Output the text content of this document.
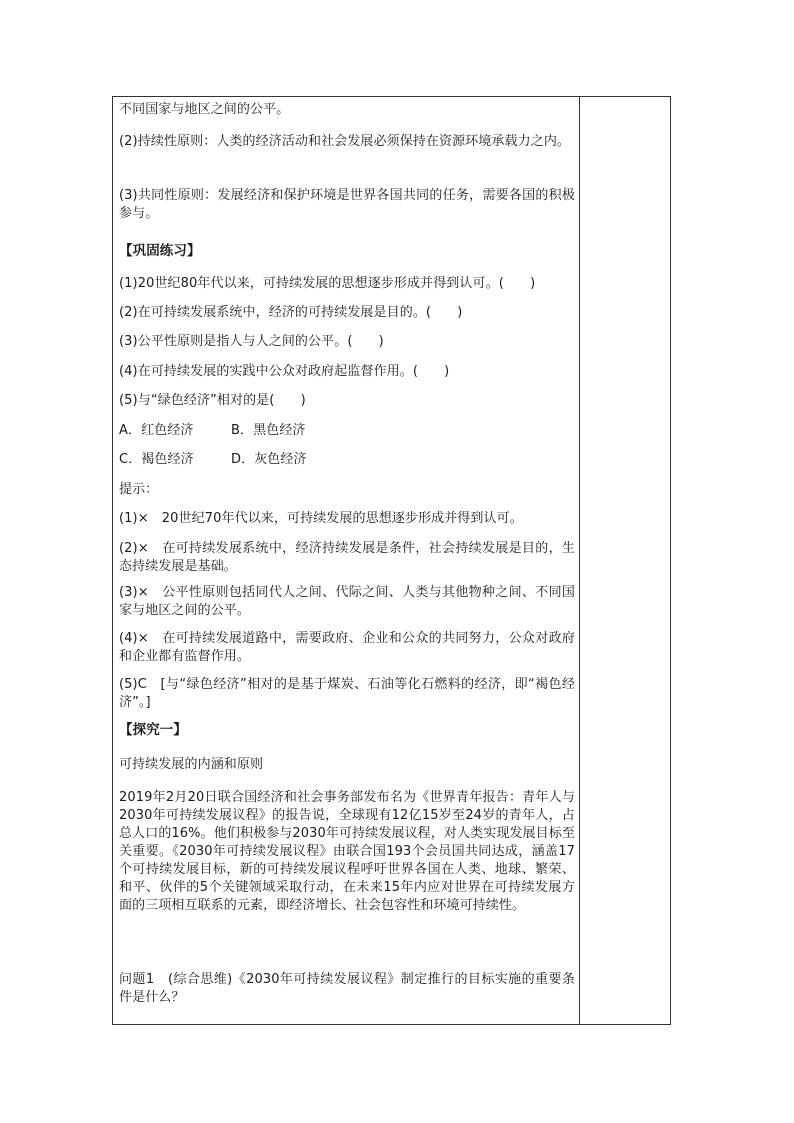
不同国家与地区之间的公平。

(2)持续性原则：人类的经济活动和社会发展必须保持在资源环境承载力之内。

(3)共同性原则：发展经济和保护环境是世界各国共同的任务，需要各国的积极参与。

【巩固练习】

(1)20世纪80年代以来，可持续发展的思想逐步形成并得到认可。(　　)

(2)在可持续发展系统中，经济的可持续发展是目的。(　　)

(3)公平性原则是指人与人之间的公平。(　　)

(4)在可持续发展的实践中公众对政府起监督作用。(　　)

(5)与“绿色经济”相对的是(　　)

A．红色经济	B．黑色经济

C．褐色经济	D．灰色经济

提示：

(1)×　20世纪70年代以来，可持续发展的思想逐步形成并得到认可。

(2)×　在可持续发展系统中，经济持续发展是条件，社会持续发展是目的，生态持续发展是基础。

(3)×　公平性原则包括同代人之间、代际之间、人类与其他物种之间、不同国家与地区之间的公平。

(4)×　在可持续发展道路中，需要政府、企业和公众的共同努力，公众对政府和企业都有监督作用。

(5)C　[与“绿色经济”相对的是基于煤炭、石油等化石燃料的经济，即“褐色经济”。]

【探究一】

可持续发展的内涵和原则

2019年2月20日联合国经济和社会事务部发布名为《世界青年报告：青年人与2030年可持续发展议程》的报告说，全球现有12亿15岁至24岁的青年人，占总人口的16%。他们积极参与2030年可持续发展议程，对人类实现发展目标至关重要。《2030年可持续发展议程》由联合国193个会员国共同达成，涵盖17个可持续发展目标，新的可持续发展议程呼吁世界各国在人类、地球、繁荣、和平、伙伴的5个关键领域采取行动，在未来15年内应对世界在可持续发展方面的三项相互联系的元素，即经济增长、社会包容性和环境可持续性。

问题1　(综合思维)《2030年可持续发展议程》制定推行的目标实施的重要条件是什么？
